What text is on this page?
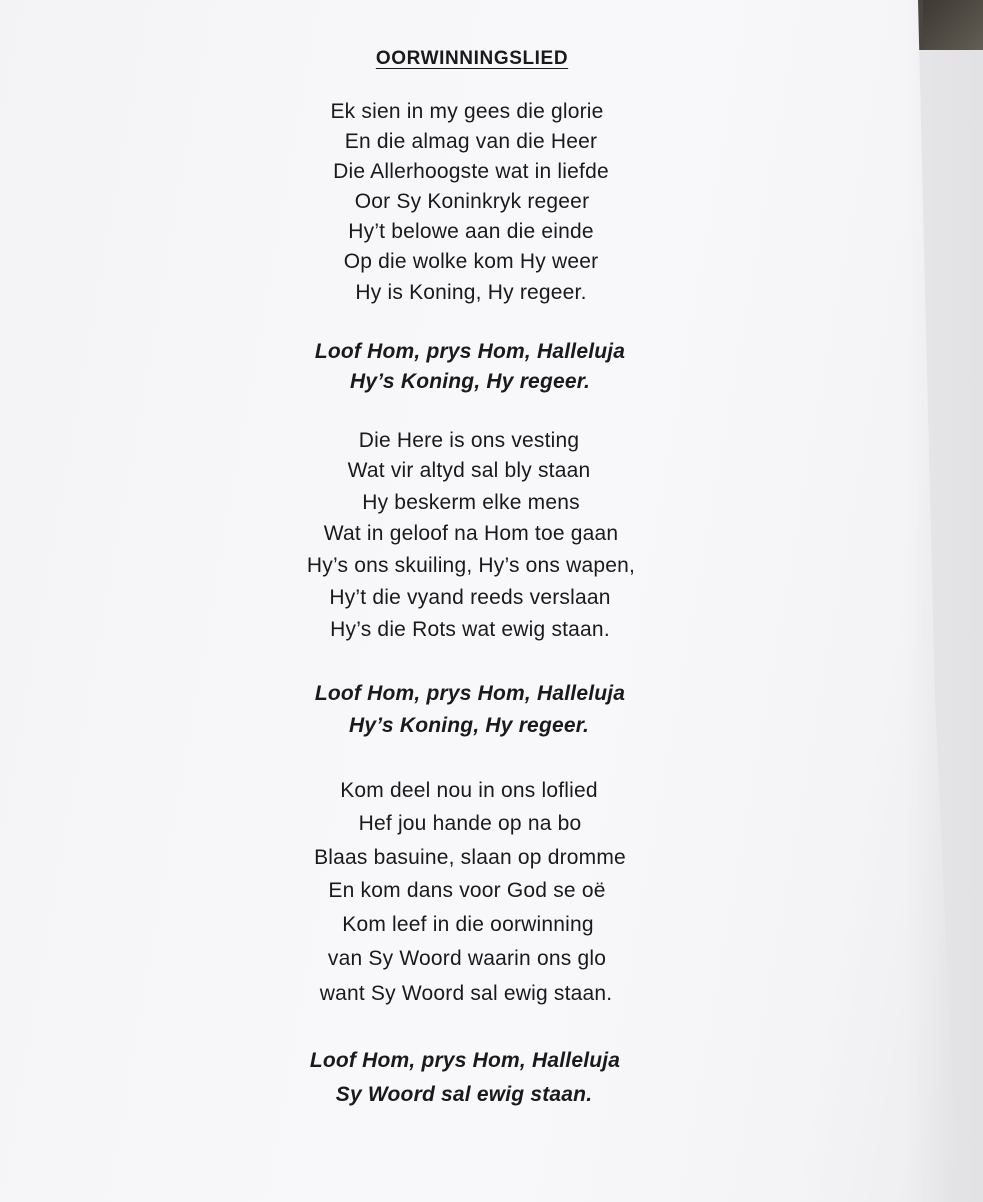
OORWINNINGSLIED
Ek sien in my gees die glorie
En die almag van die Heer
Die Allerhoogste wat in liefde
Oor Sy Koninkryk regeer
Hy’t belowe aan die einde
Op die wolke kom Hy weer
Hy is Koning, Hy regeer.
Loof Hom, prys Hom, Halleluja
Hy’s Koning, Hy regeer.
Die Here is ons vesting
Wat vir altyd sal bly staan
Hy beskerm elke mens
Wat in geloof na Hom toe gaan
Hy’s ons skuiling, Hy’s ons wapen,
Hy’t die vyand reeds verslaan
Hy’s die Rots wat ewig staan.
Loof Hom, prys Hom, Halleluja
Hy’s Koning, Hy regeer.
Kom deel nou in ons loflied
Hef jou hande op na bo
Blaas basuine, slaan op dromme
En kom dans voor God se oë
Kom leef in die oorwinning
van Sy Woord waarin ons glo
want Sy Woord sal ewig staan.
Loof Hom, prys Hom, Halleluja
Sy Woord sal ewig staan.
